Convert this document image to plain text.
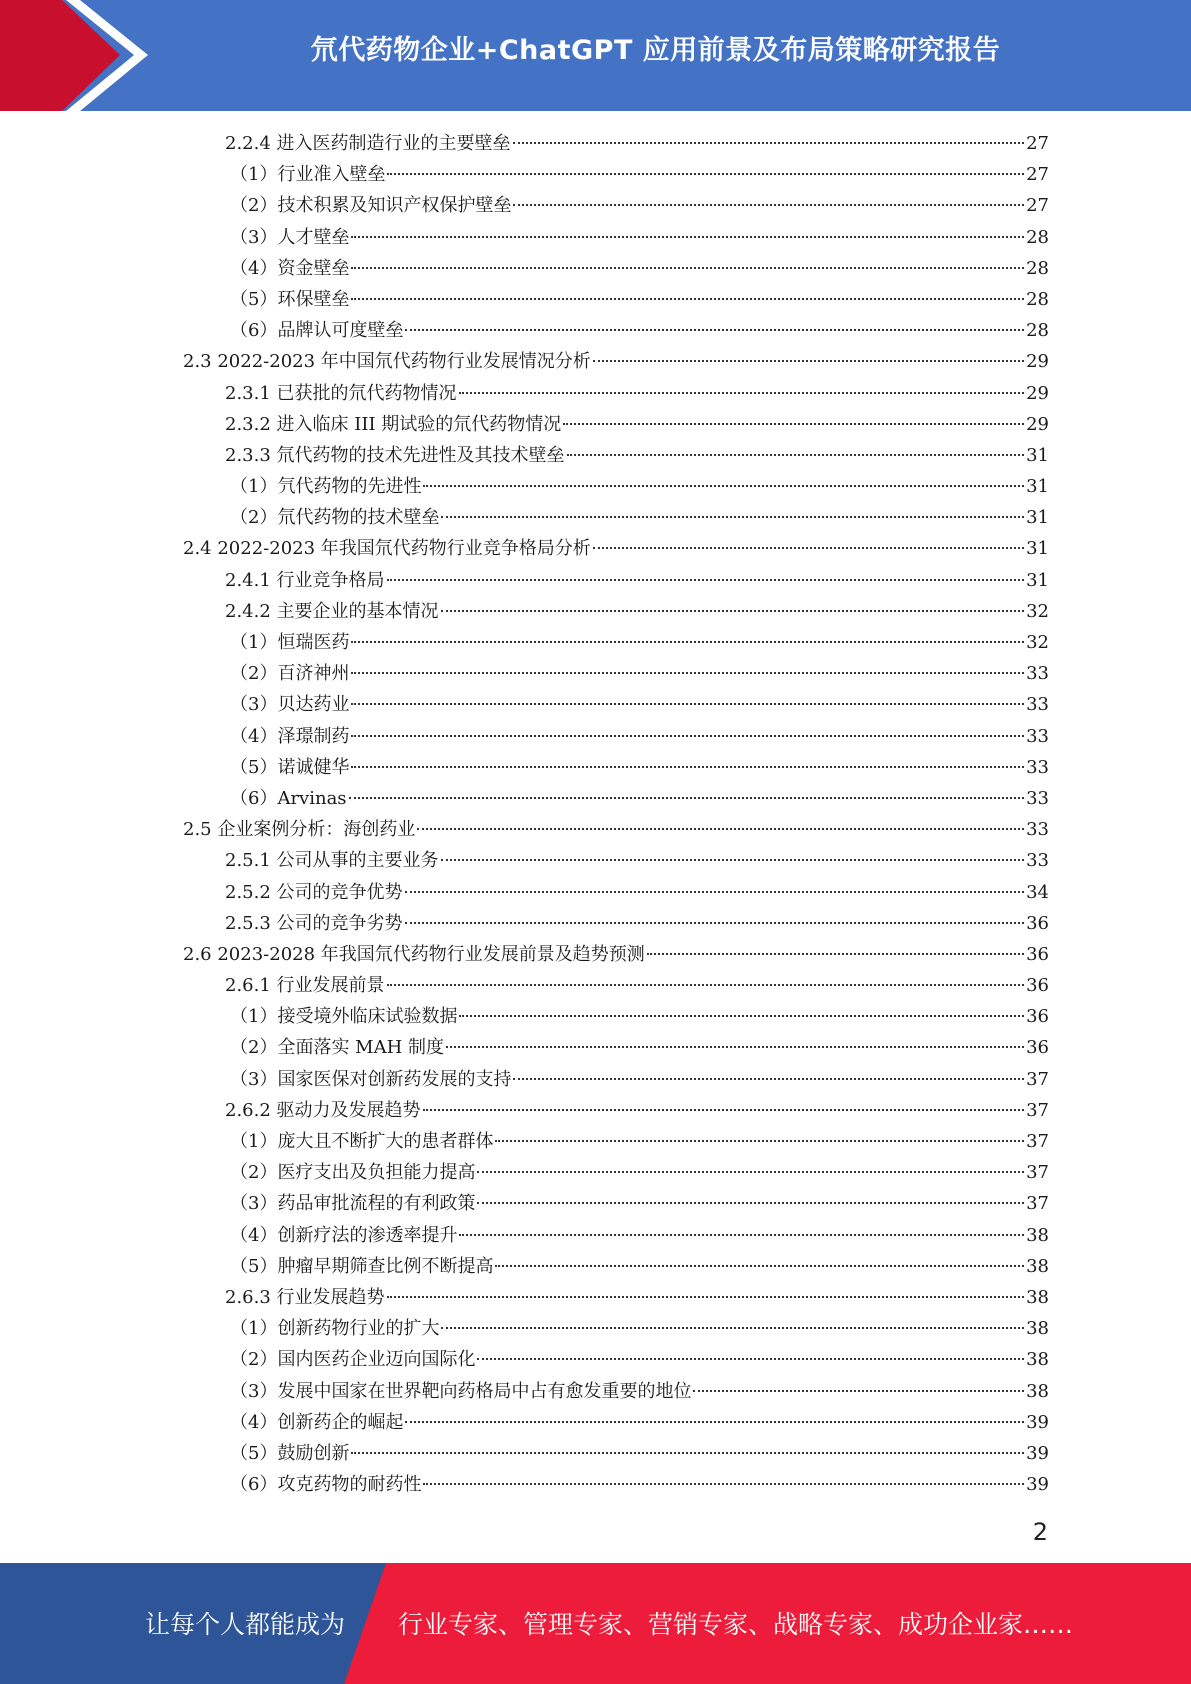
氘代药物企业+ChatGPT 应用前景及布局策略研究报告
2.2.4 进入医药制造行业的主要壁垒	27
（1）行业准入壁垒	27
（2）技术积累及知识产权保护壁垒	27
（3）人才壁垒	28
（4）资金壁垒	28
（5）环保壁垒	28
（6）品牌认可度壁垒	28
2.3 2022-2023 年中国氘代药物行业发展情况分析	29
2.3.1 已获批的氘代药物情况	29
2.3.2 进入临床 III 期试验的氘代药物情况	29
2.3.3 氘代药物的技术先进性及其技术壁垒	31
（1）氕代药物的先进性	31
（2）氘代药物的技术壁垒	31
2.4 2022-2023 年我国氘代药物行业竞争格局分析	31
2.4.1 行业竞争格局	31
2.4.2 主要企业的基本情况	32
（1）恒瑞医药	32
（2）百济神州	33
（3）贝达药业	33
（4）泽璟制药	33
（5）诺诚健华	33
（6）Arvinas	33
2.5 企业案例分析：海创药业	33
2.5.1 公司从事的主要业务	33
2.5.2 公司的竞争优势	34
2.5.3 公司的竞争劣势	36
2.6 2023-2028 年我国氘代药物行业发展前景及趋势预测	36
2.6.1 行业发展前景	36
（1）接受境外临床试验数据	36
（2）全面落实 MAH 制度	36
（3）国家医保对创新药发展的支持	37
2.6.2 驱动力及发展趋势	37
（1）庞大且不断扩大的患者群体	37
（2）医疗支出及负担能力提高	37
（3）药品审批流程的有利政策	37
（4）创新疗法的渗透率提升	38
（5）肿瘤早期筛查比例不断提高	38
2.6.3 行业发展趋势	38
（1）创新药物行业的扩大	38
（2）国内医药企业迈向国际化	38
（3）发展中国家在世界靶向药格局中占有愈发重要的地位	38
（4）创新药企的崛起	39
（5）鼓励创新	39
（6）攻克药物的耐药性	39
2
让每个人都能成为 行业专家、管理专家、营销专家、战略专家、成功企业家……
